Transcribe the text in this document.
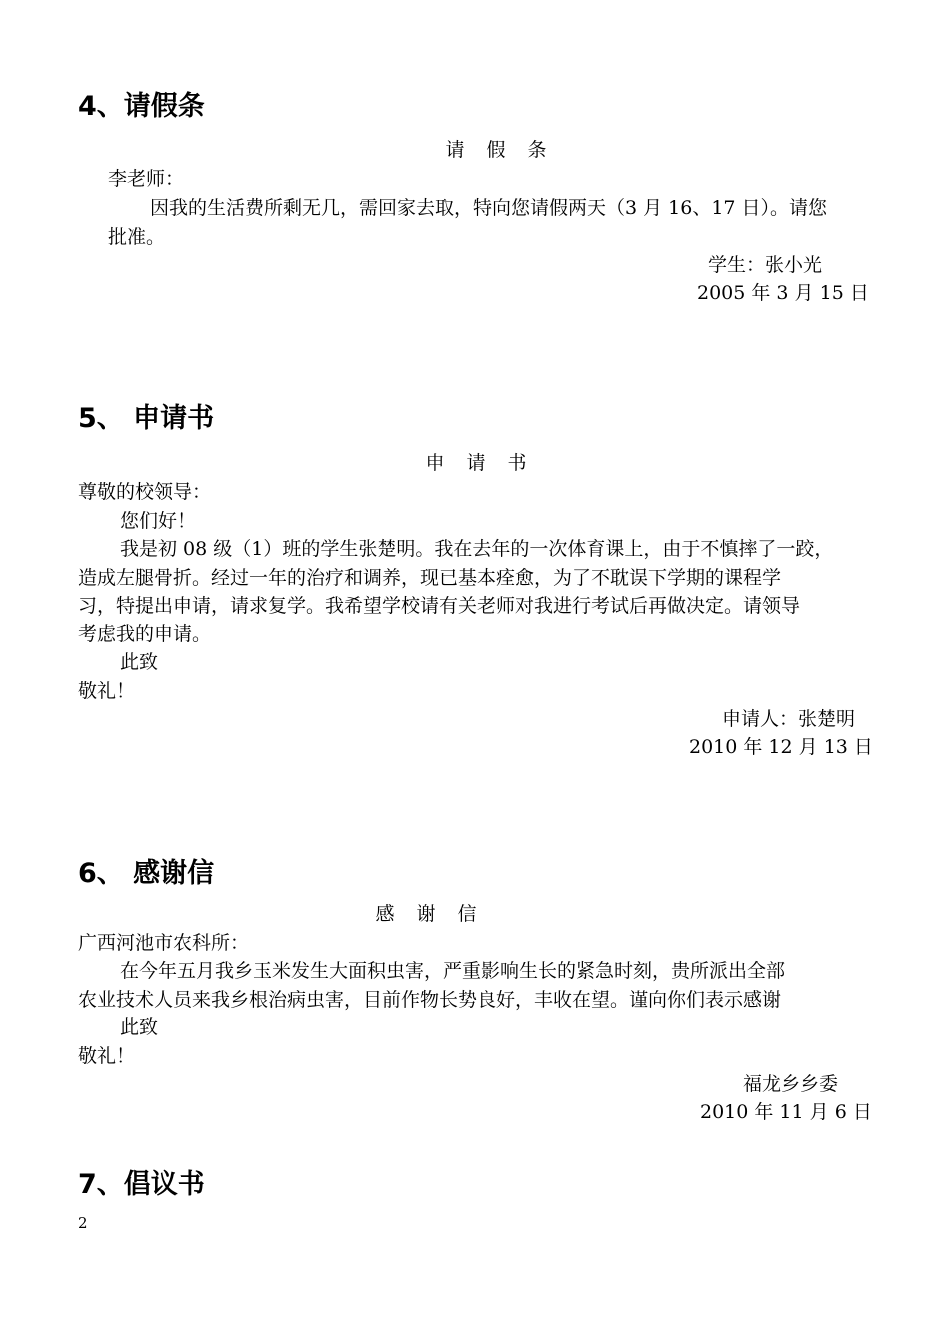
4、请假条
请 假 条
李老师：
因我的生活费所剩无几，需回家去取，特向您请假两天（3 月 16、17 日）。请您
批准。
学生：张小光
2005 年 3 月 15 日
5、 申请书
申 请 书
尊敬的校领导：
您们好！
我是初 08 级（1）班的学生张楚明。我在去年的一次体育课上，由于不慎摔了一跤，
造成左腿骨折。经过一年的治疗和调养，现已基本痊愈，为了不耽误下学期的课程学
习，特提出申请，请求复学。我希望学校请有关老师对我进行考试后再做决定。请领导
考虑我的申请。
此致
敬礼！
申请人：张楚明
2010 年 12 月 13 日
6、 感谢信
感 谢 信
广西河池市农科所：
在今年五月我乡玉米发生大面积虫害，严重影响生长的紧急时刻，贵所派出全部
农业技术人员来我乡根治病虫害，目前作物长势良好，丰收在望。谨向你们表示感谢
此致
敬礼！
福龙乡乡委
2010 年 11 月 6 日
7、倡议书
2
